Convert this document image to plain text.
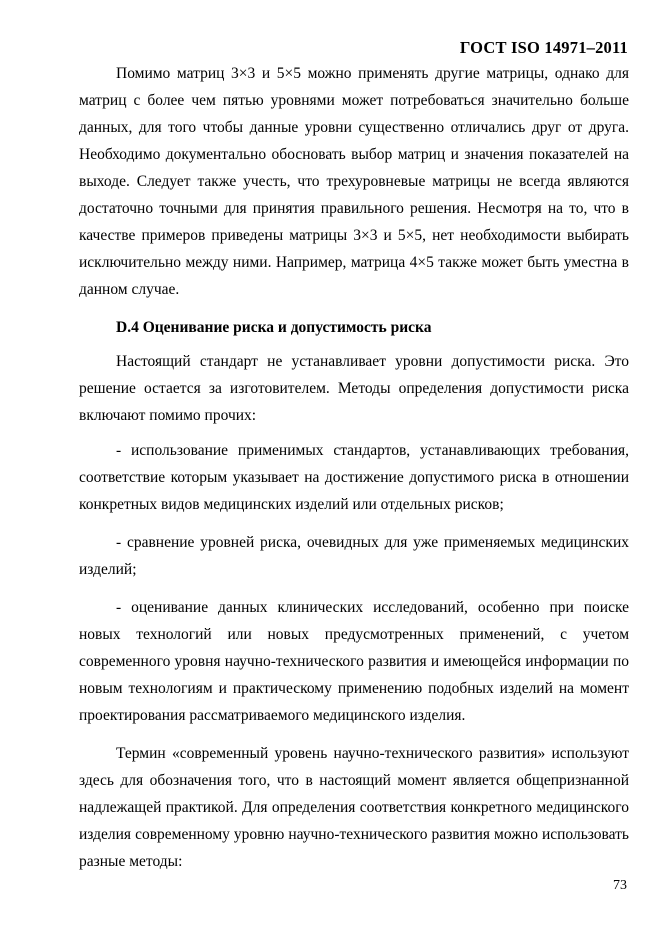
ГОСТ ISO 14971–2011

Помимо матриц 3×3 и 5×5 можно применять другие матрицы, однако для матриц с более чем пятью уровнями может потребоваться значительно больше данных, для того чтобы данные уровни существенно отличались друг от друга. Необходимо документально обосновать выбор матриц и значения показателей на выходе. Следует также учесть, что трехуровневые матрицы не всегда являются достаточно точными для принятия правильного решения. Несмотря на то, что в качестве примеров приведены матрицы 3×3 и 5×5, нет необходимости выбирать исключительно между ними. Например, матрица 4×5 также может быть уместна в данном случае.

D.4 Оценивание риска и допустимость риска

Настоящий стандарт не устанавливает уровни допустимости риска. Это решение остается за изготовителем. Методы определения допустимости риска включают помимо прочих:

- использование применимых стандартов, устанавливающих требования, соответствие которым указывает на достижение допустимого риска в отношении конкретных видов медицинских изделий или отдельных рисков;

- сравнение уровней риска, очевидных для уже применяемых медицинских изделий;

- оценивание данных клинических исследований, особенно при поиске новых технологий или новых предусмотренных применений, с учетом современного уровня научно-технического развития и имеющейся информации по новым технологиям и практическому применению подобных изделий на момент проектирования рассматриваемого медицинского изделия.

Термин «современный уровень научно-технического развития» используют здесь для обозначения того, что в настоящий момент является общепризнанной надлежащей практикой. Для определения соответствия конкретного медицинского изделия современному уровню научно-технического развития можно использовать разные методы:

73
